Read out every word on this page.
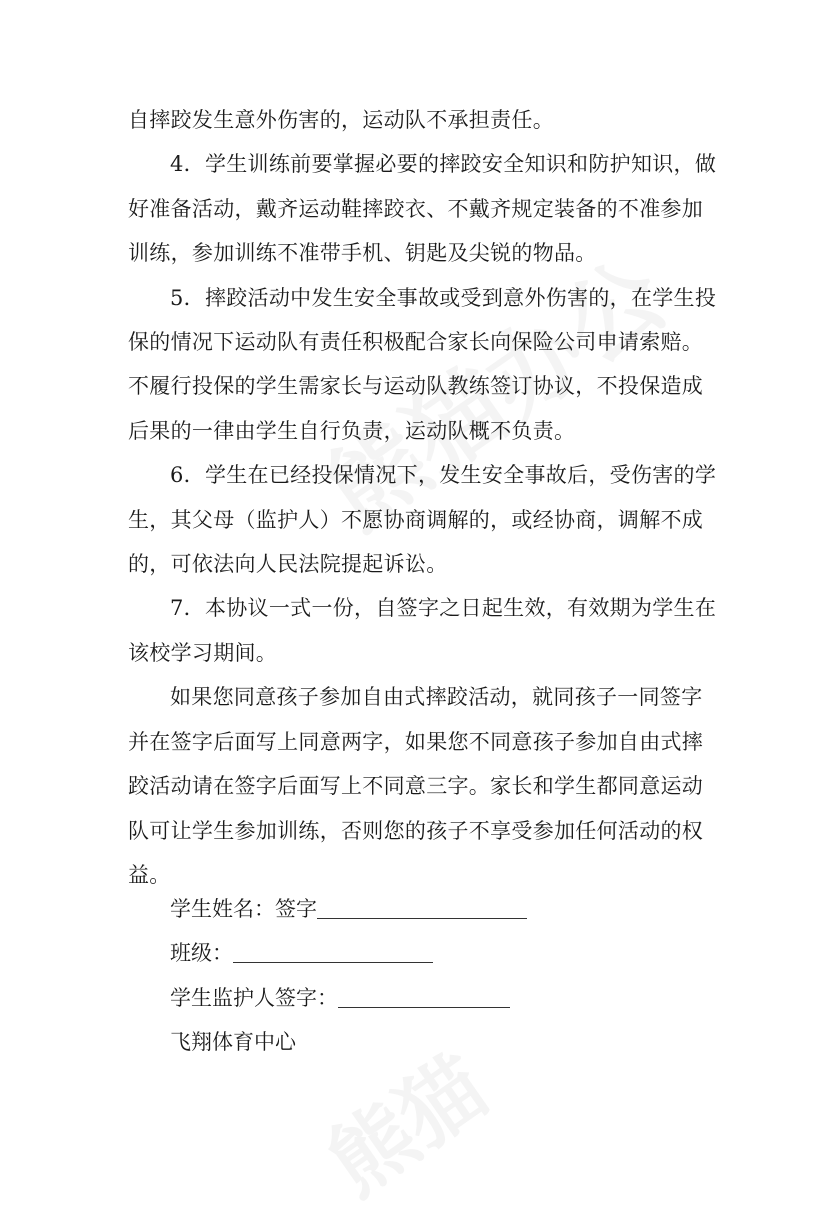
自摔跤发生意外伤害的，运动队不承担责任。

4．学生训练前要掌握必要的摔跤安全知识和防护知识，做好准备活动，戴齐运动鞋摔跤衣、不戴齐规定装备的不准参加训练，参加训练不准带手机、钥匙及尖锐的物品。

5．摔跤活动中发生安全事故或受到意外伤害的，在学生投保的情况下运动队有责任积极配合家长向保险公司申请索赔。不履行投保的学生需家长与运动队教练签订协议，不投保造成后果的一律由学生自行负责，运动队概不负责。

6．学生在已经投保情况下，发生安全事故后，受伤害的学生，其父母（监护人）不愿协商调解的，或经协商，调解不成的，可依法向人民法院提起诉讼。

7．本协议一式一份，自签字之日起生效，有效期为学生在该校学习期间。

如果您同意孩子参加自由式摔跤活动，就同孩子一同签字并在签字后面写上同意两字，如果您不同意孩子参加自由式摔跤活动请在签字后面写上不同意三字。家长和学生都同意运动队可让学生参加训练，否则您的孩子不享受参加任何活动的权益。

学生姓名：签字

班级：

学生监护人签字：

飞翔体育中心
